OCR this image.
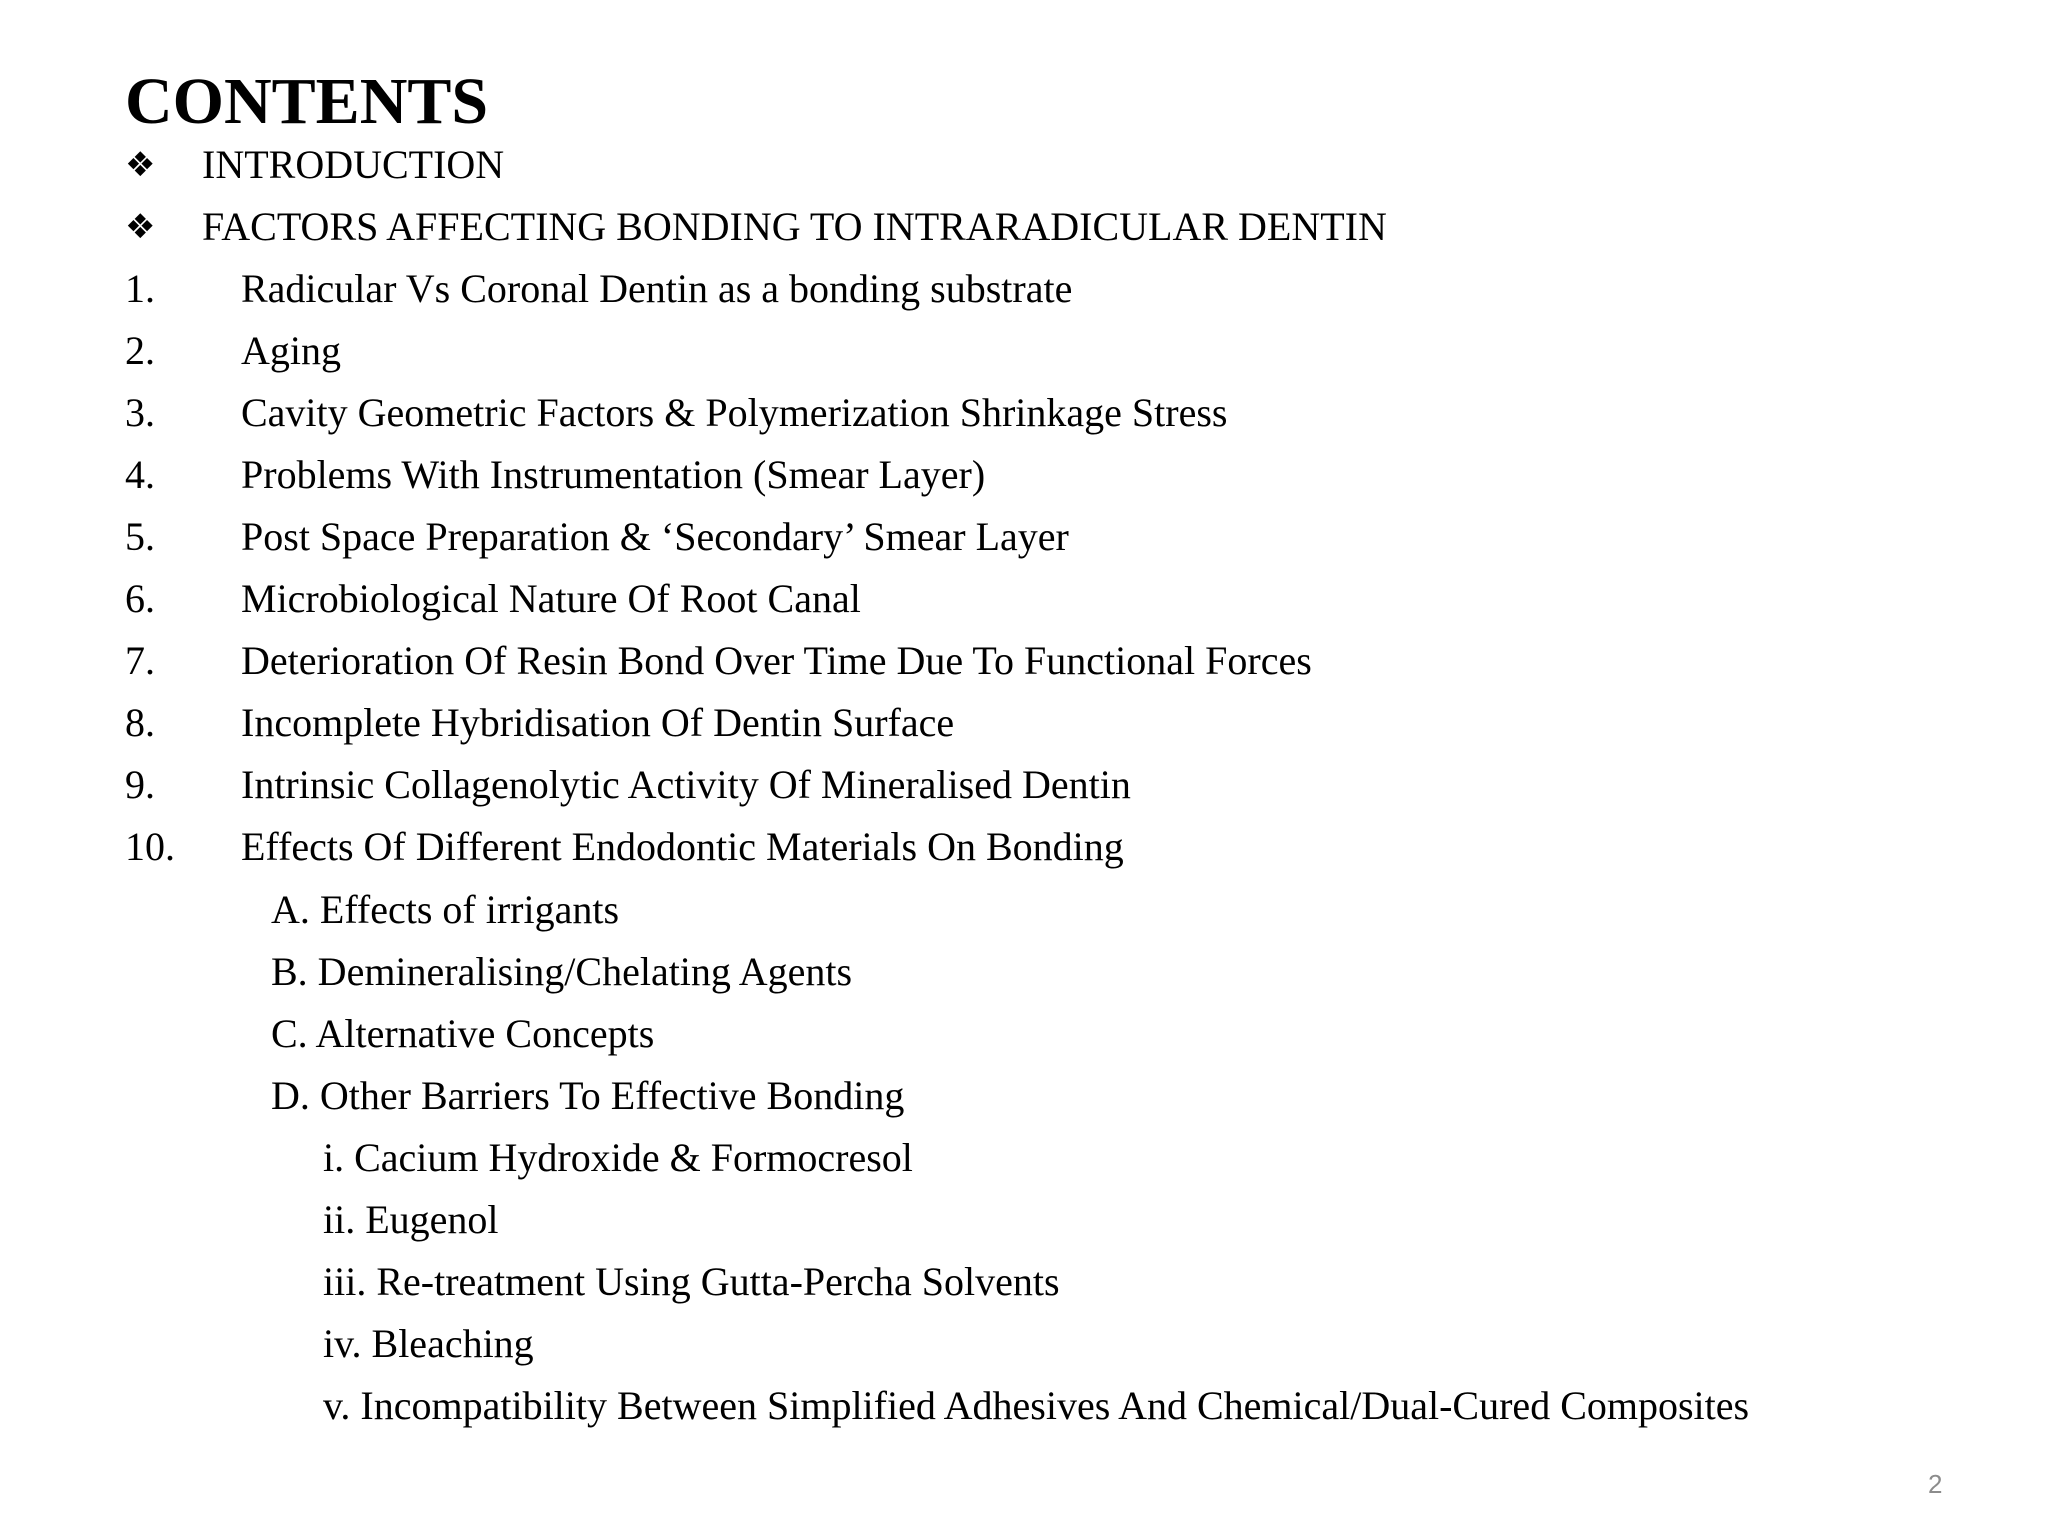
CONTENTS
❖	INTRODUCTION
❖	FACTORS AFFECTING BONDING TO INTRARADICULAR DENTIN
1. Radicular Vs Coronal Dentin as a bonding substrate
2. Aging
3. Cavity Geometric Factors & Polymerization Shrinkage Stress
4. Problems With Instrumentation (Smear Layer)
5. Post Space Preparation & ‘Secondary’ Smear Layer
6. Microbiological Nature Of Root Canal
7. Deterioration Of Resin Bond Over Time Due To Functional Forces
8. Incomplete Hybridisation Of Dentin Surface
9. Intrinsic Collagenolytic Activity Of Mineralised Dentin
10. Effects Of Different Endodontic Materials On Bonding
A. Effects of irrigants
B. Demineralising/Chelating Agents
C. Alternative Concepts
D. Other Barriers To Effective Bonding
i. Cacium Hydroxide & Formocresol
ii. Eugenol
iii. Re-treatment Using Gutta-Percha Solvents
iv. Bleaching
v. Incompatibility Between Simplified Adhesives And Chemical/Dual-Cured Composites
2
